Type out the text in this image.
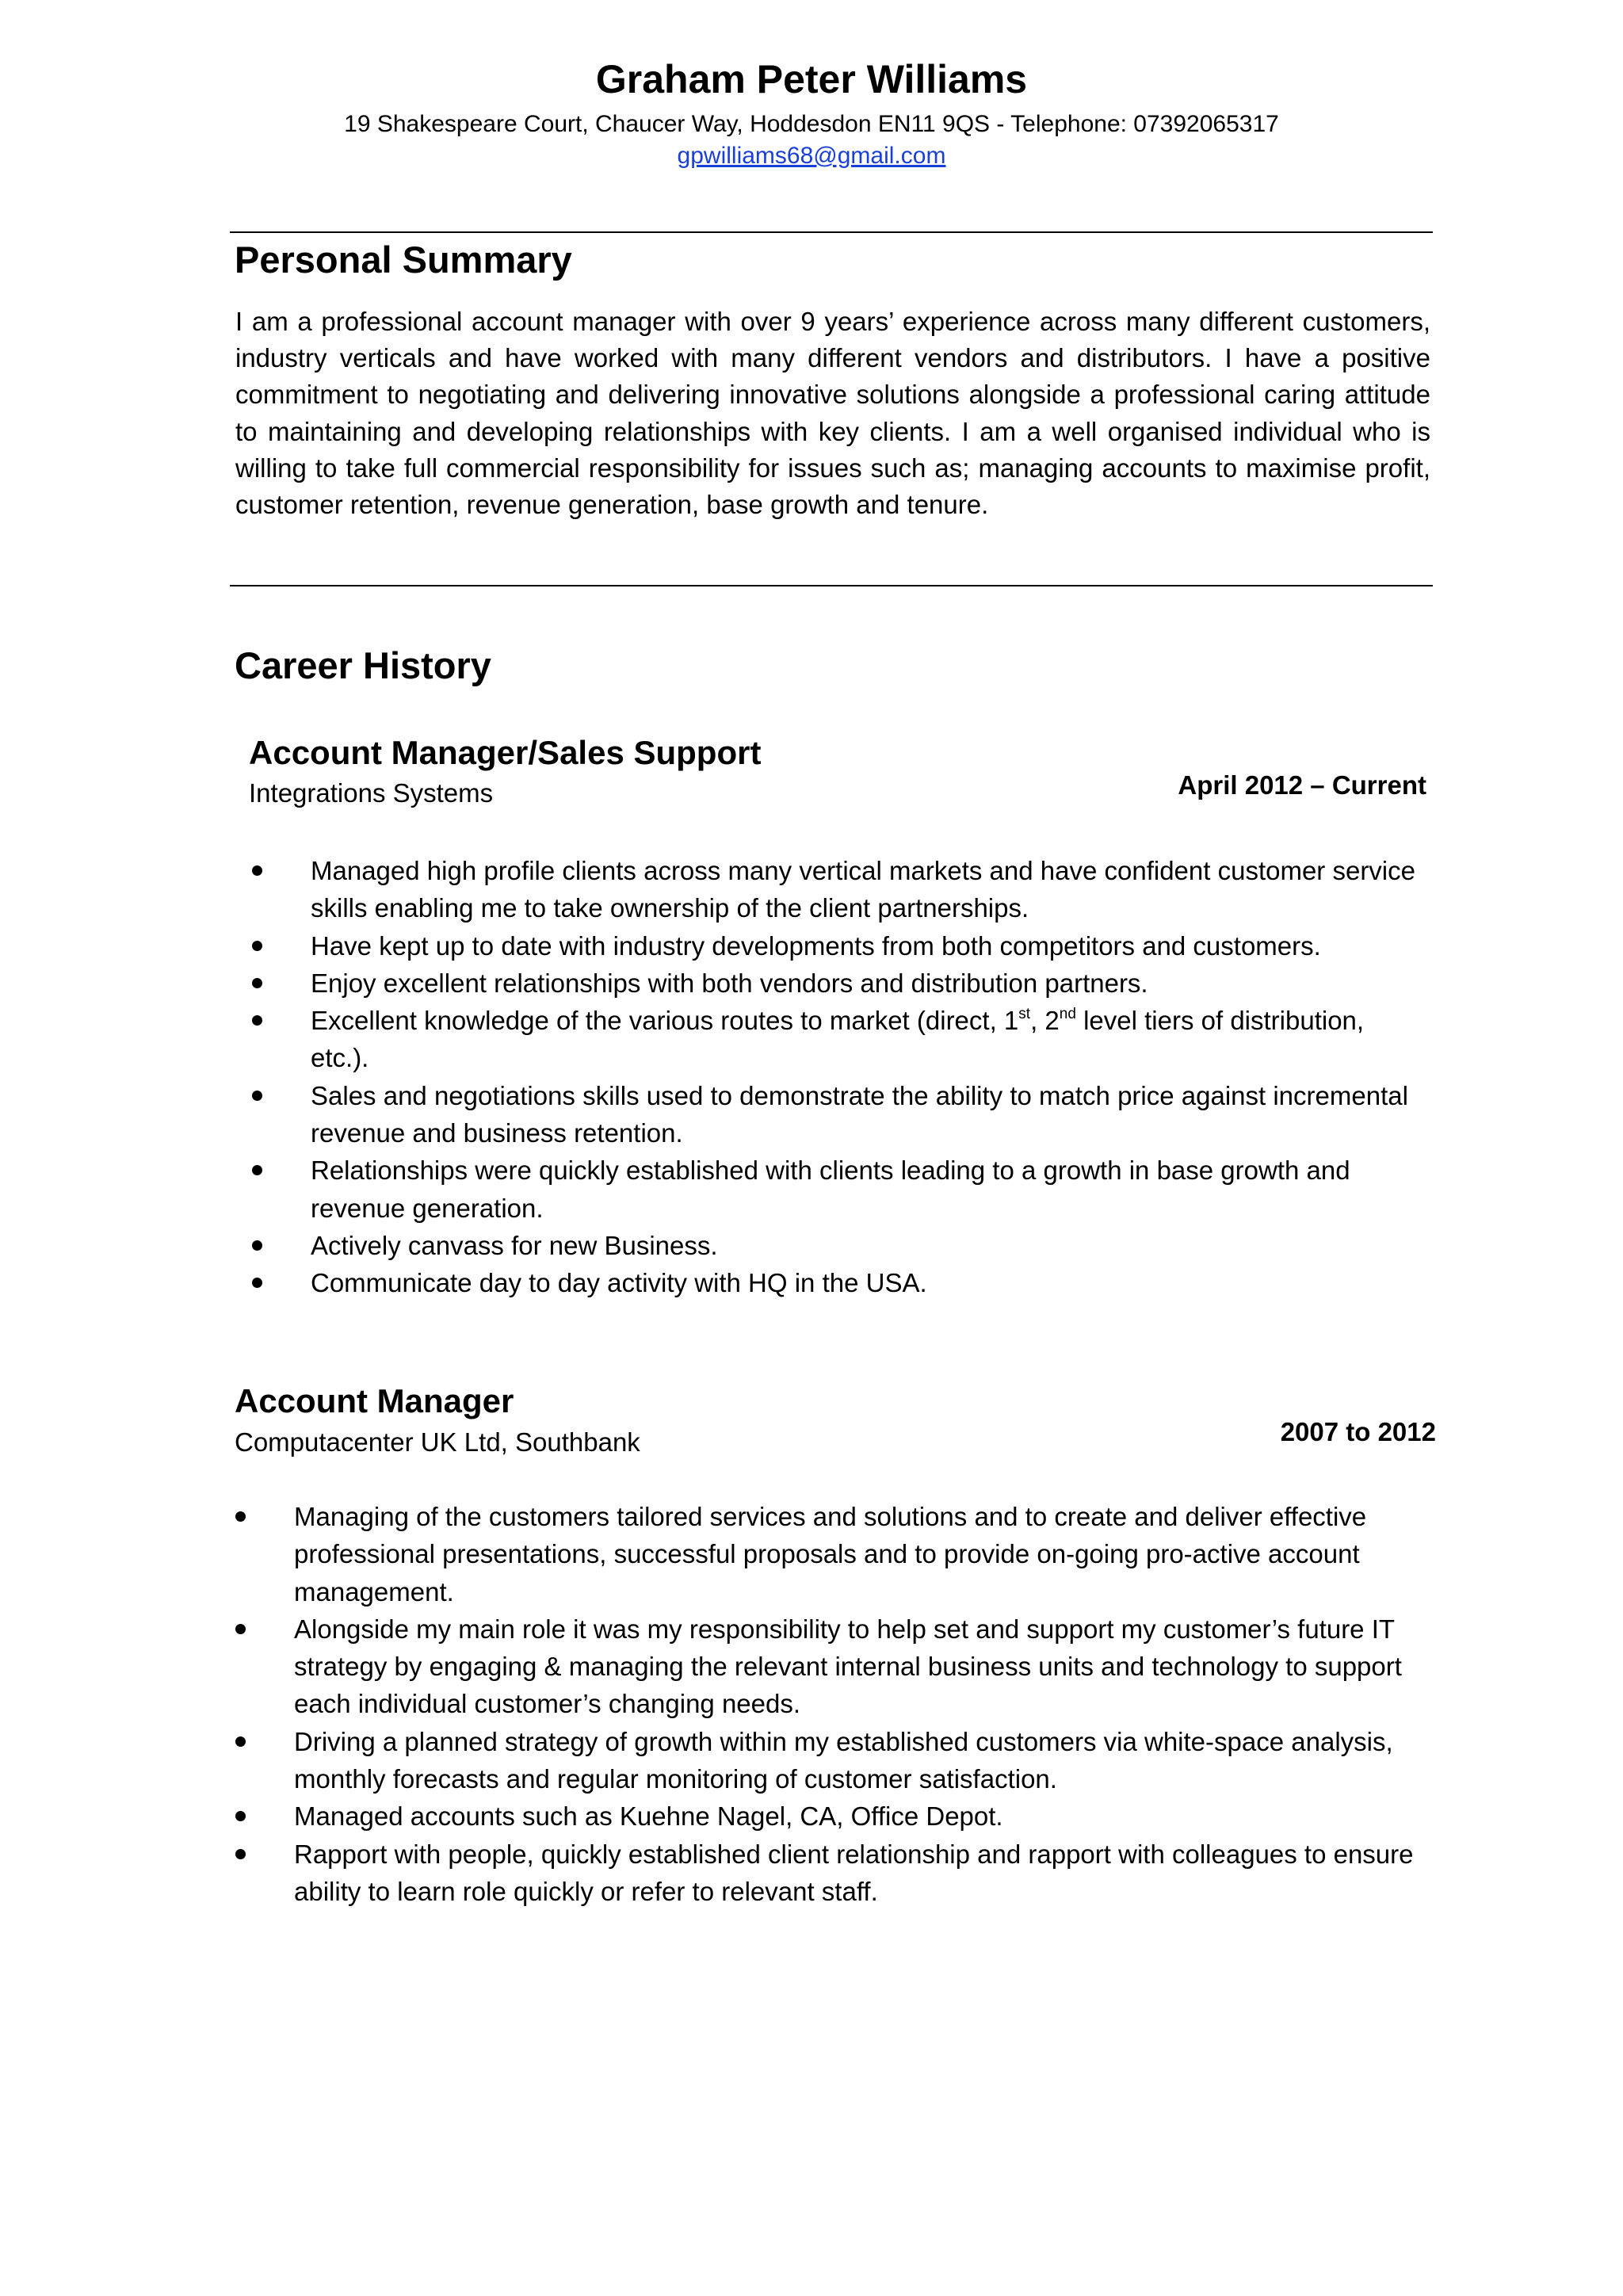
Graham Peter Williams
19 Shakespeare Court, Chaucer Way, Hoddesdon EN11 9QS - Telephone: 07392065317
gpwilliams68@gmail.com
Personal Summary
I am a professional account manager with over 9 years’ experience across many different customers, industry verticals and have worked with many different vendors and distributors. I have a positive commitment to negotiating and delivering innovative solutions alongside a professional caring attitude to maintaining and developing relationships with key clients. I am a well organised individual who is willing to take full commercial responsibility for issues such as; managing accounts to maximise profit, customer retention, revenue generation, base growth and tenure.
Career History
Account Manager/Sales Support
Integrations Systems	April 2012 – Current
Managed high profile clients across many vertical markets and have confident customer service skills enabling me to take ownership of the client partnerships.
Have kept up to date with industry developments from both competitors and customers.
Enjoy excellent relationships with both vendors and distribution partners.
Excellent knowledge of the various routes to market (direct, 1st, 2nd level tiers of distribution, etc.).
Sales and negotiations skills used to demonstrate the ability to match price against incremental revenue and business retention.
Relationships were quickly established with clients leading to a growth in base growth and revenue generation.
Actively canvass for new Business.
Communicate day to day activity with HQ in the USA.
Account Manager
Computacenter UK Ltd, Southbank	2007 to 2012
Managing of the customers tailored services and solutions and to create and deliver effective professional presentations, successful proposals and to provide on-going pro-active account management.
Alongside my main role it was my responsibility to help set and support my customer’s future IT strategy by engaging & managing the relevant internal business units and technology to support each individual customer’s changing needs.
Driving a planned strategy of growth within my established customers via white-space analysis, monthly forecasts and regular monitoring of customer satisfaction.
Managed accounts such as Kuehne Nagel, CA, Office Depot.
Rapport with people, quickly established client relationship and rapport with colleagues to ensure ability to learn role quickly or refer to relevant staff.
